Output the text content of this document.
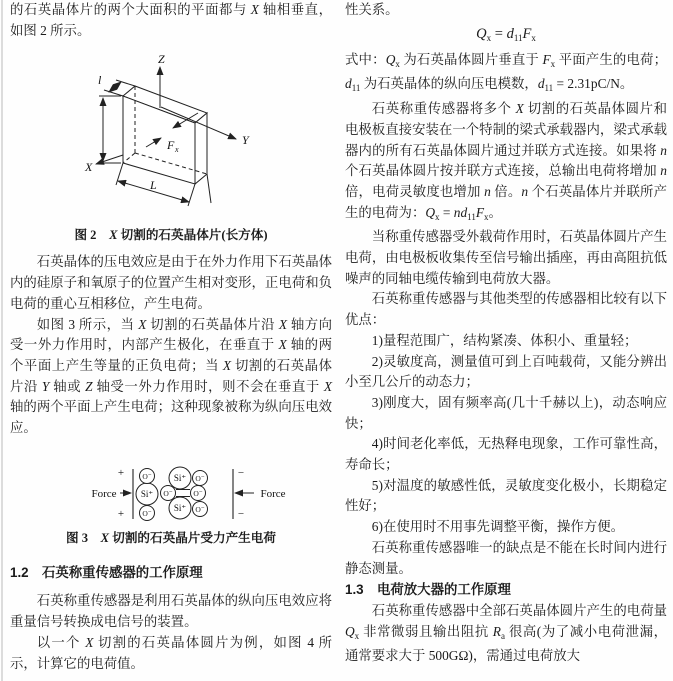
的石英晶体片的两个大面积的平面都与 X 轴相垂直，如图 2 所示。

Z
Y
X
F x
l
L
图 2　X 切割的石英晶体片(长方体)

石英晶体的压电效应是由于在外力作用下石英晶体内的硅原子和氧原子的位置产生相对变形，正电荷和负电荷的重心互相移位，产生电荷。

如图 3 所示，当 X 切割的石英晶体片沿 X 轴方向受一外力作用时，内部产生极化，在垂直于 X 轴的两个平面上产生等量的正负电荷；当 X 切割的石英晶体片沿 Y 轴或 Z 轴受一外力作用时，则不会在垂直于 X 轴的两个平面上产生电荷；这种现象被称为纵向压电效应。

O⁻ Si⁺ O⁻
Si⁺ O⁻	O⁻
O⁻
Si⁺ O⁻
+
+
−
−
Force	Force
图 3　X 切割的石英晶片受力产生电荷
1.2　石英称重传感器的工作原理

石英称重传感器是利用石英晶体的纵向压电效应将重量信号转换成电信号的装置。

以一个 X 切割的石英晶体圆片为例，如图 4 所示，计算它的电荷值。

性关系。

$Q_x = d_{11}F_x$

式中：$Q_x$ 为石英晶体圆片垂直于 $F_x$ 平面产生的电荷；$d_{11}$ 为石英晶体的纵向压电模数，$d_{11} = 2.31pC/N$。

石英称重传感器将多个 X 切割的石英晶体圆片和电极板直接安装在一个特制的梁式承载器内，梁式承载器内的所有石英晶体圆片通过并联方式连接。如果将 n 个石英晶体圆片按并联方式连接，总输出电荷将增加 n 倍，电荷灵敏度也增加 n 倍。n 个石英晶体片并联所产生的电荷为：$Q_x = nd_{11}F_x$。

当称重传感器受外载荷作用时，石英晶体圆片产生电荷，由电极板收集传至信号输出插座，再由高阻抗低噪声的同轴电缆传输到电荷放大器。

石英称重传感器与其他类型的传感器相比较有以下优点：

1)量程范围广，结构紧凑、体积小、重量轻；

2)灵敏度高，测量值可到上百吨载荷，又能分辨出小至几公斤的动态力；

3)刚度大，固有频率高(几十千赫以上)，动态响应快；

4)时间老化率低，无热释电现象，工作可靠性高，寿命长；

5)对温度的敏感性低，灵敏度变化极小，长期稳定性好；

6)在使用时不用事先调整平衡，操作方便。

石英称重传感器唯一的缺点是不能在长时间内进行静态测量。

1.3　电荷放大器的工作原理

石英称重传感器中全部石英晶体圆片产生的电荷量 $Q_x$ 非常微弱且输出阻抗 $R_a$ 很高(为了减小电荷泄漏，通常要求大于 500GΩ)，需通过电荷放大
